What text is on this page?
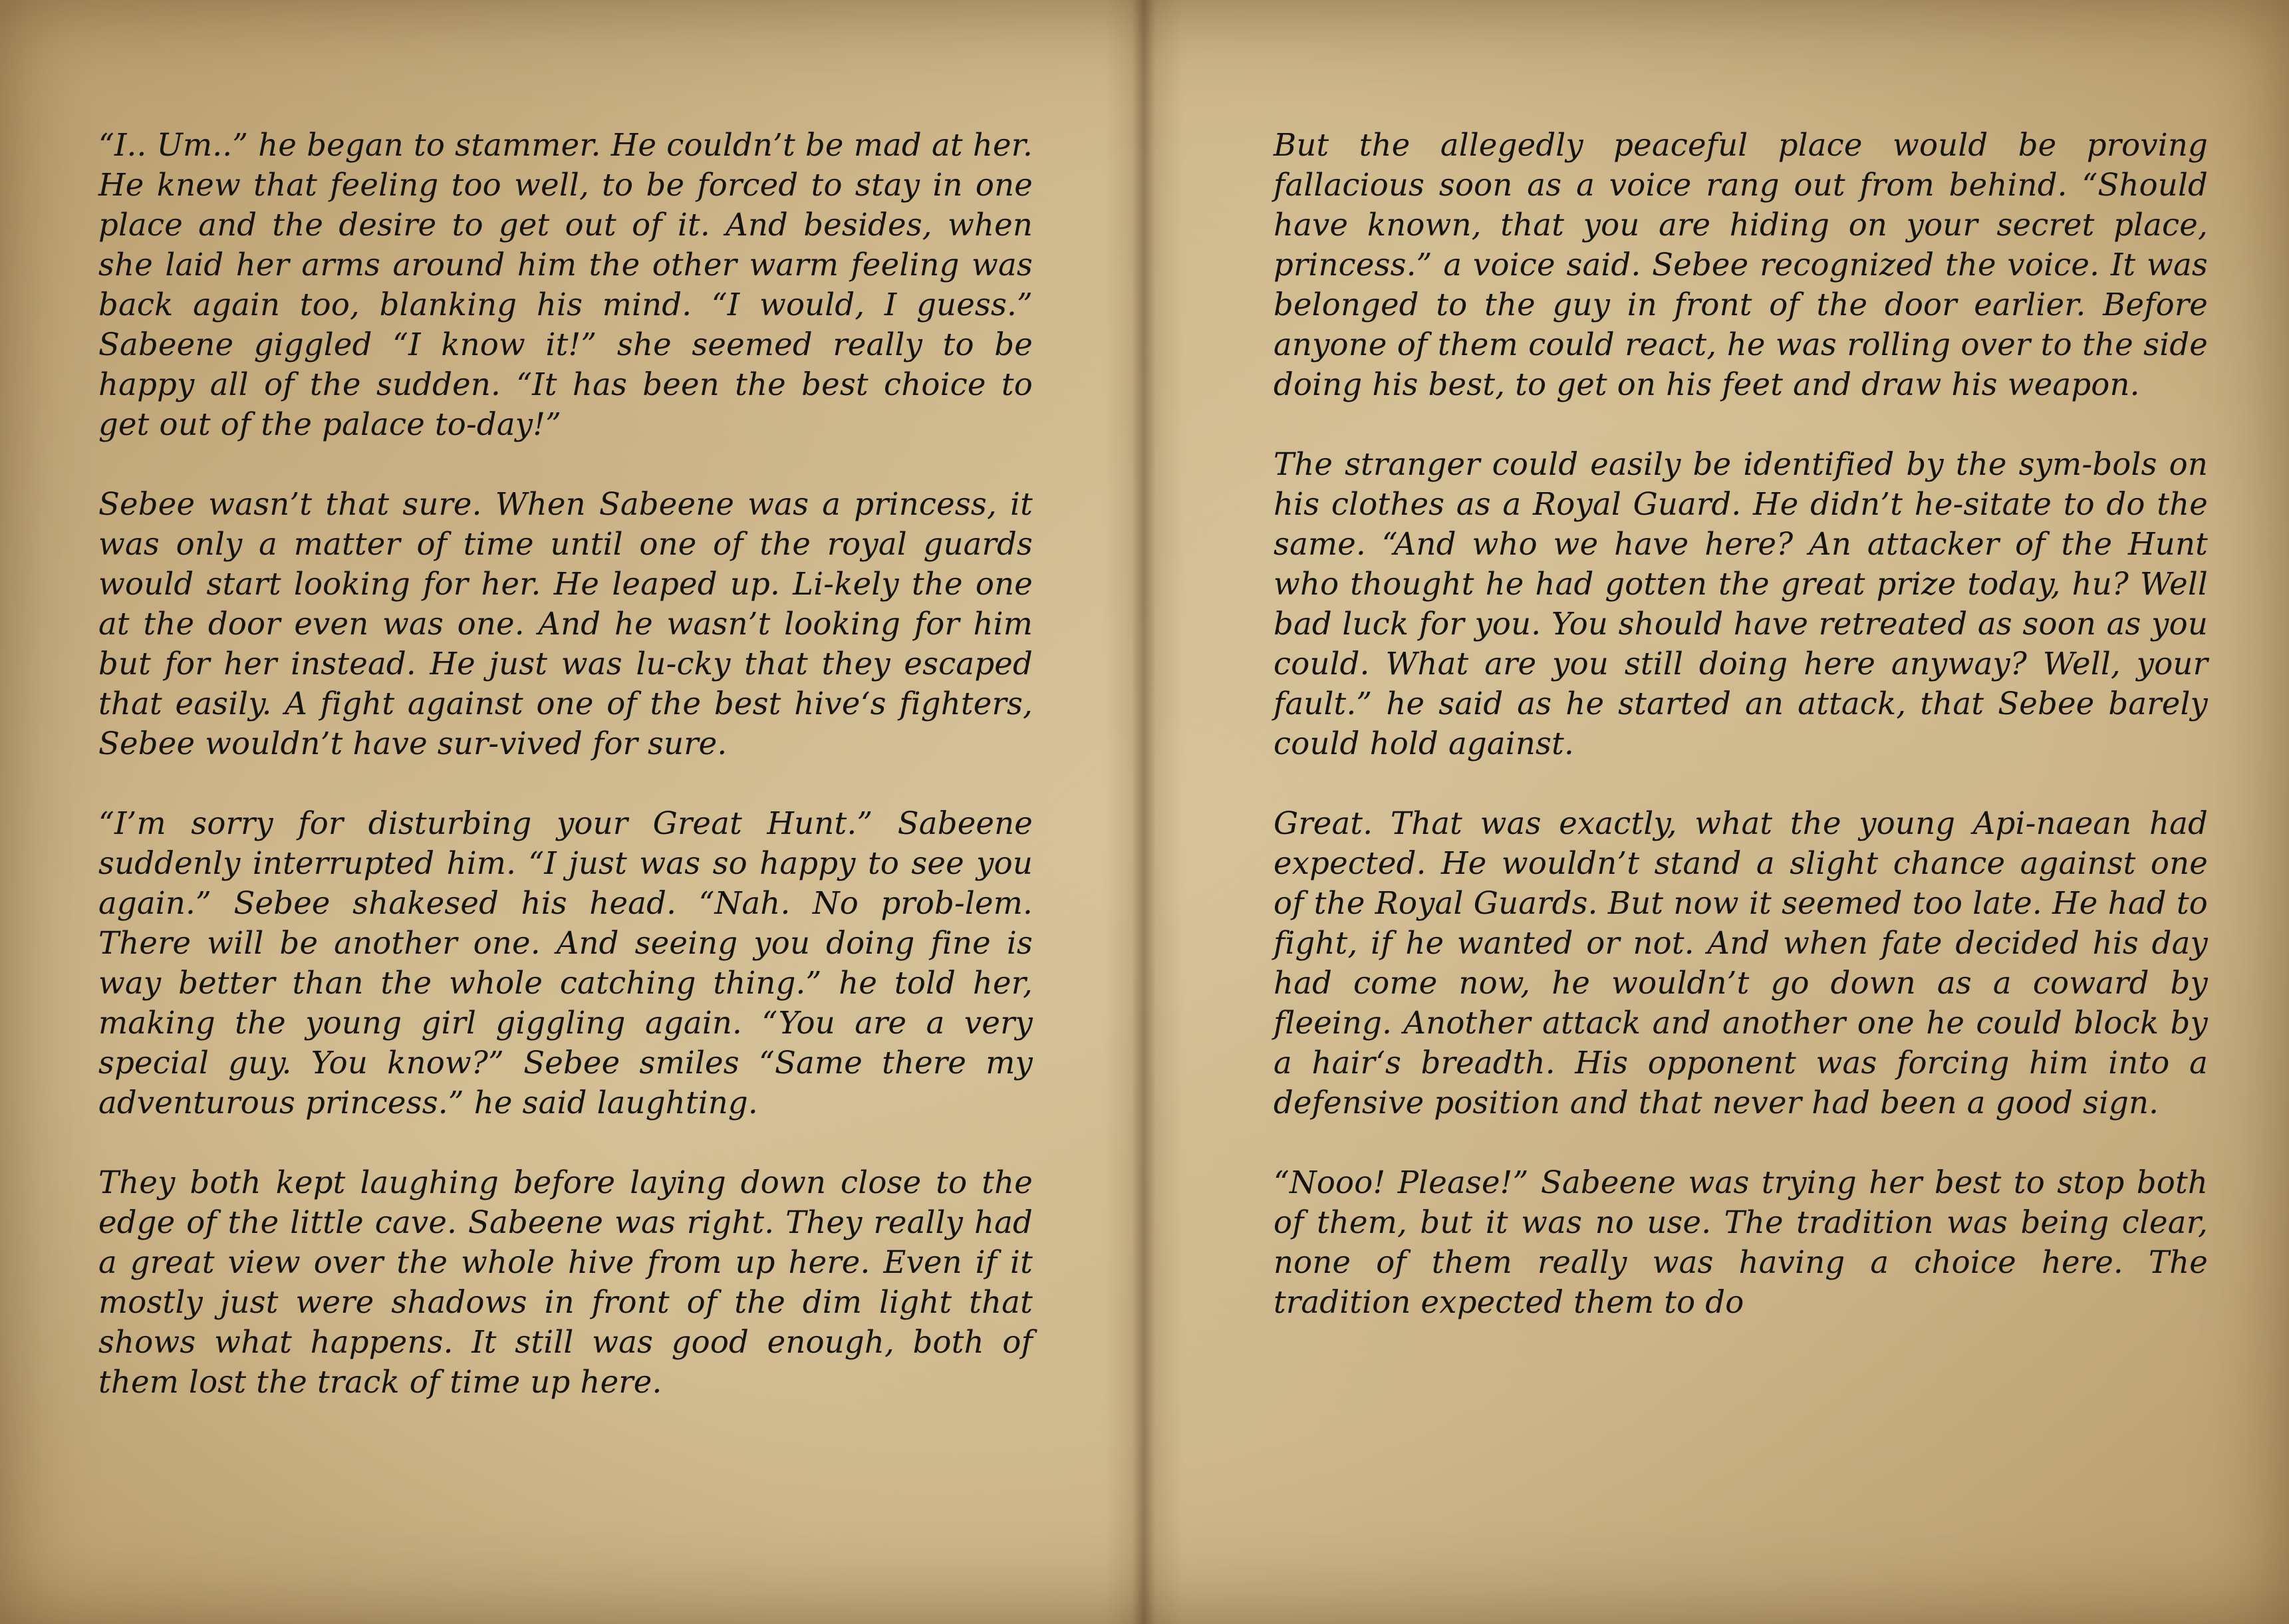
“I.. Um..” he began to stammer. He couldn’t be mad at her. He knew that feeling too well, to be forced to stay in one place and the desire to get out of it. And besides, when she laid her arms around him the other warm feeling was back again too, blanking his mind. “I would, I guess.” Sabeene giggled “I know it!” she seemed really to be happy all of the sudden. “It has been the best choice to get out of the palace to-day!”

Sebee wasn’t that sure. When Sabeene was a princess, it was only a matter of time until one of the royal guards would start looking for her. He leaped up. Li-kely the one at the door even was one. And he wasn’t looking for him but for her instead. He just was lu-cky that they escaped that easily. A fight against one of the best hive‘s fighters, Sebee wouldn’t have sur-vived for sure.

“I’m sorry for disturbing your Great Hunt.” Sabeene suddenly interrupted him. “I just was so happy to see you again.” Sebee shakesed his head. “Nah. No prob-lem. There will be another one. And seeing you doing fine is way better than the whole catching thing.” he told her, making the young girl giggling again. “You are a very special guy. You know?” Sebee smiles “Same there my adventurous princess.” he said laughting.

They both kept laughing before laying down close to the edge of the little cave. Sabeene was right. They really had a great view over the whole hive from up here. Even if it mostly just were shadows in front of the dim light that shows what happens. It still was good enough, both of them lost the track of time up here.

But the allegedly peaceful place would be proving fallacious soon as a voice rang out from behind. “Should have known, that you are hiding on your secret place, princess.” a voice said. Sebee recognized the voice. It was belonged to the guy in front of the door earlier. Before anyone of them could react, he was rolling over to the side doing his best, to get on his feet and draw his weapon.

The stranger could easily be identified by the sym-bols on his clothes as a Royal Guard. He didn’t he-sitate to do the same. “And who we have here? An attacker of the Hunt who thought he had gotten the great prize today, hu? Well bad luck for you. You should have retreated as soon as you could. What are you still doing here anyway? Well, your fault.” he said as he started an attack, that Sebee barely could hold against.

Great. That was exactly, what the young Api-naean had expected. He wouldn’t stand a slight chance against one of the Royal Guards. But now it seemed too late. He had to fight, if he wanted or not. And when fate decided his day had come now, he wouldn’t go down as a coward by fleeing. Another attack and another one he could block by a hair‘s breadth. His opponent was forcing him into a defensive position and that never had been a good sign.

“Nooo! Please!” Sabeene was trying her best to stop both of them, but it was no use. The tradition was being clear, none of them really was having a choice here. The tradition expected them to do
